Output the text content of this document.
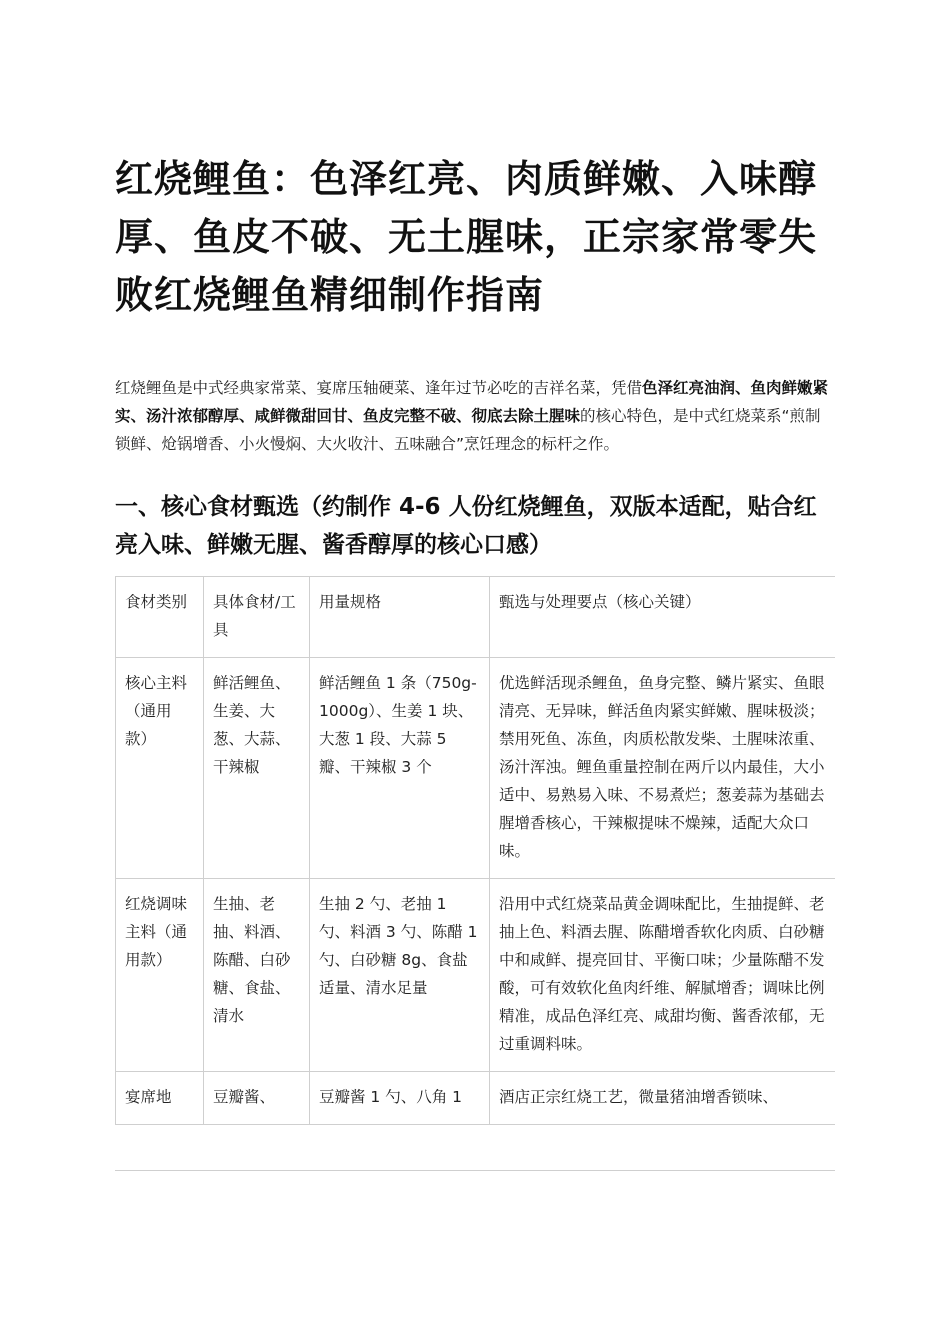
红烧鲤鱼：色泽红亮、肉质鲜嫩、入味醇厚、鱼皮不破、无土腥味，正宗家常零失败红烧鲤鱼精细制作指南

红烧鲤鱼是中式经典家常菜、宴席压轴硬菜、逢年过节必吃的吉祥名菜，凭借色泽红亮油润、鱼肉鲜嫩紧实、汤汁浓郁醇厚、咸鲜微甜回甘、鱼皮完整不破、彻底去除土腥味的核心特色，是中式红烧菜系“煎制锁鲜、炝锅增香、小火慢焖、大火收汁、五味融合”烹饪理念的标杆之作。

一、核心食材甄选（约制作 4-6 人份红烧鲤鱼，双版本适配，贴合红亮入味、鲜嫩无腥、酱香醇厚的核心口感）
食材类别	具体食材/工具	用量规格	甄选与处理要点（核心关键）
核心主料（通用款）	鲜活鲤鱼、生姜、大葱、大蒜、干辣椒	鲜活鲤鱼 1 条（750g-1000g）、生姜 1 块、大葱 1 段、大蒜 5 瓣、干辣椒 3 个	优选鲜活现杀鲤鱼，鱼身完整、鳞片紧实、鱼眼清亮、无异味，鲜活鱼肉紧实鲜嫩、腥味极淡；禁用死鱼、冻鱼，肉质松散发柴、土腥味浓重、汤汁浑浊。鲤鱼重量控制在两斤以内最佳，大小适中、易熟易入味、不易煮烂；葱姜蒜为基础去腥增香核心，干辣椒提味不燥辣，适配大众口味。
红烧调味主料（通用款）	生抽、老抽、料酒、陈醋、白砂糖、食盐、清水	生抽 2 勺、老抽 1 勺、料酒 3 勺、陈醋 1 勺、白砂糖 8g、食盐适量、清水足量	沿用中式红烧菜品黄金调味配比，生抽提鲜、老抽上色、料酒去腥、陈醋增香软化肉质、白砂糖中和咸鲜、提亮回甘、平衡口味；少量陈醋不发酸，可有效软化鱼肉纤维、解腻增香；调味比例精准，成品色泽红亮、咸甜均衡、酱香浓郁，无过重调料味。
宴席地	豆瓣酱、	豆瓣酱 1 勺、八角 1	酒店正宗红烧工艺，微量猪油增香锁味、
